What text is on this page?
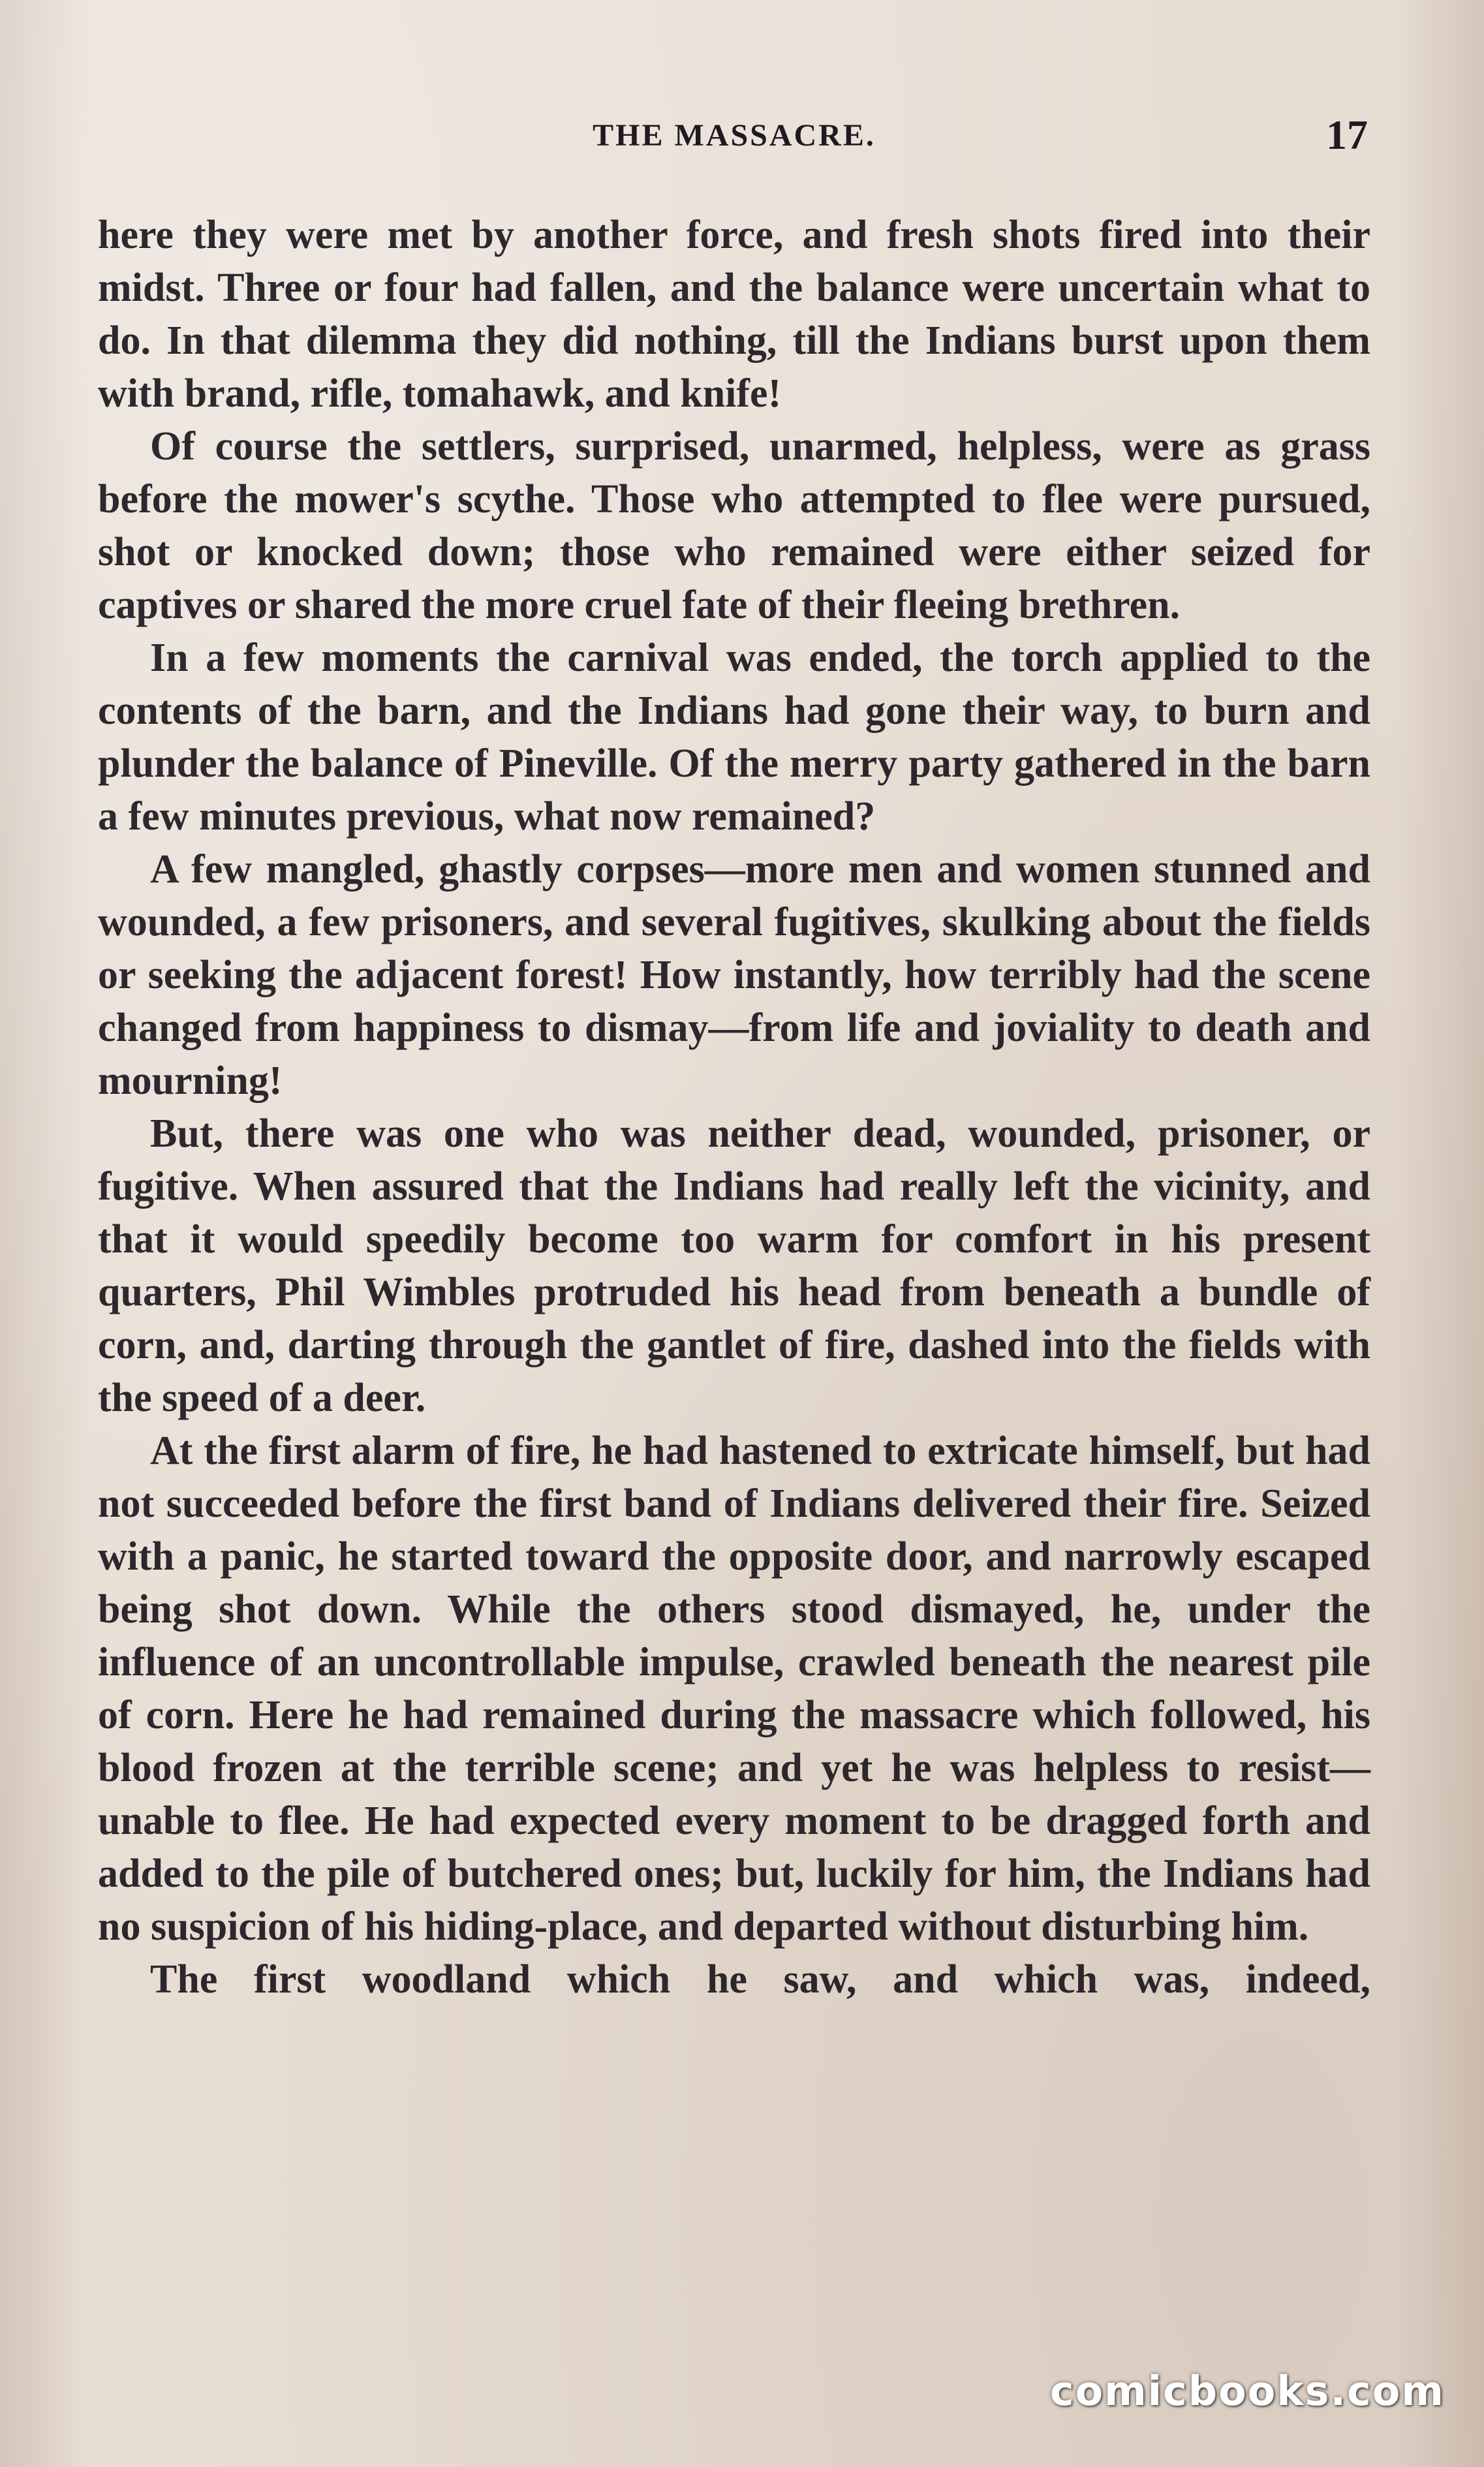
THE MASSACRE.	17

here they were met by another force, and fresh shots fired into their midst. Three or four had fallen, and the balance were uncertain what to do. In that dilemma they did nothing, till the Indians burst upon them with brand, rifle, tomahawk, and knife!

Of course the settlers, surprised, unarmed, helpless, were as grass before the mower's scythe. Those who attempted to flee were pursued, shot or knocked down; those who remained were either seized for captives or shared the more cruel fate of their fleeing brethren.

In a few moments the carnival was ended, the torch applied to the contents of the barn, and the Indians had gone their way, to burn and plunder the balance of Pineville. Of the merry party gathered in the barn a few minutes previous, what now remained?

A few mangled, ghastly corpses—more men and women stunned and wounded, a few prisoners, and several fugitives, skulking about the fields or seeking the adjacent forest! How instantly, how terribly had the scene changed from happiness to dismay—from life and joviality to death and mourning!

But, there was one who was neither dead, wounded, prisoner, or fugitive. When assured that the Indians had really left the vicinity, and that it would speedily become too warm for comfort in his present quarters, Phil Wimbles protruded his head from beneath a bundle of corn, and, darting through the gantlet of fire, dashed into the fields with the speed of a deer.

At the first alarm of fire, he had hastened to extricate himself, but had not succeeded before the first band of Indians delivered their fire. Seized with a panic, he started toward the opposite door, and narrowly escaped being shot down. While the others stood dismayed, he, under the influence of an uncontrollable impulse, crawled beneath the nearest pile of corn. Here he had remained during the massacre which followed, his blood frozen at the terrible scene; and yet he was helpless to resist—unable to flee. He had expected every moment to be dragged forth and added to the pile of butchered ones; but, luckily for him, the Indians had no suspicion of his hiding-place, and departed without disturbing him.

The first woodland which he saw, and which was, indeed,

comicbooks.com
